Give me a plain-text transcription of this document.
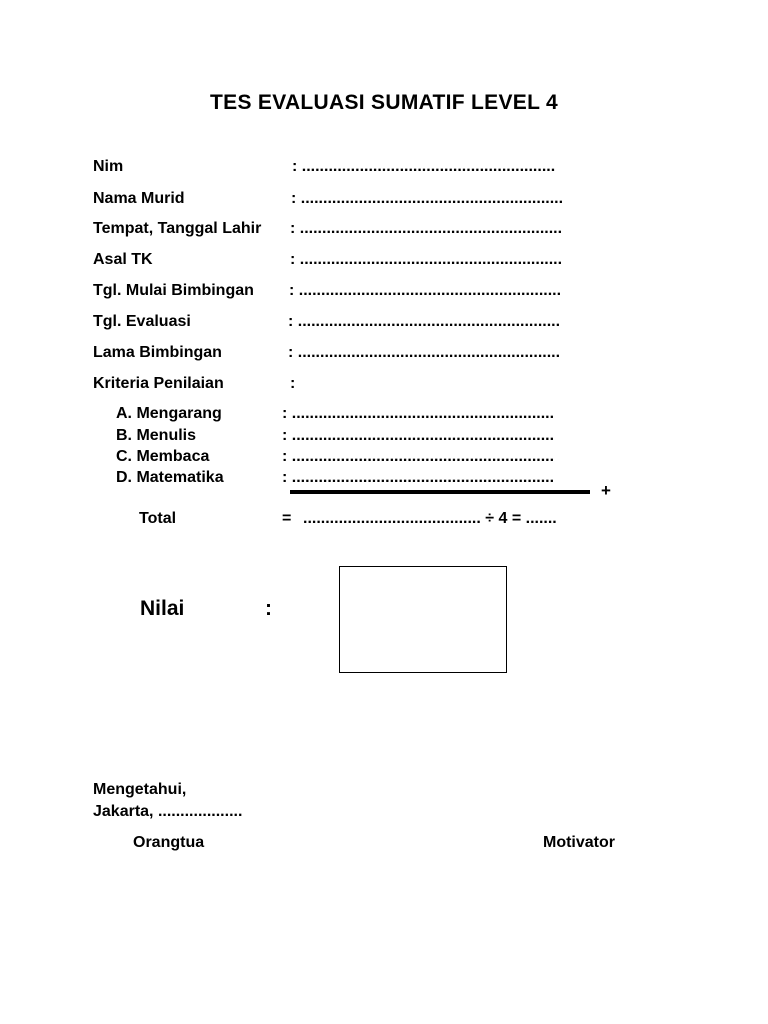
TES EVALUASI SUMATIF LEVEL 4
Nim	: .........................................................
Nama Murid	: ...........................................................
Tempat, Tanggal Lahir : ...........................................................
Asal TK	: ...........................................................
Tgl. Mulai Bimbingan : ...........................................................
Tgl. Evaluasi	: ...........................................................
Lama Bimbingan	: ...........................................................
Kriteria Penilaian	:
A. Mengarang	: ...........................................................
B. Menulis	: ...........................................................
C. Membaca	: ...........................................................
D. Matematika	: ...........................................................
+
Total	= ........................................ ÷ 4 = .......
Nilai	:
Mengetahui,
Jakarta, ...................
Orangtua	Motivator
